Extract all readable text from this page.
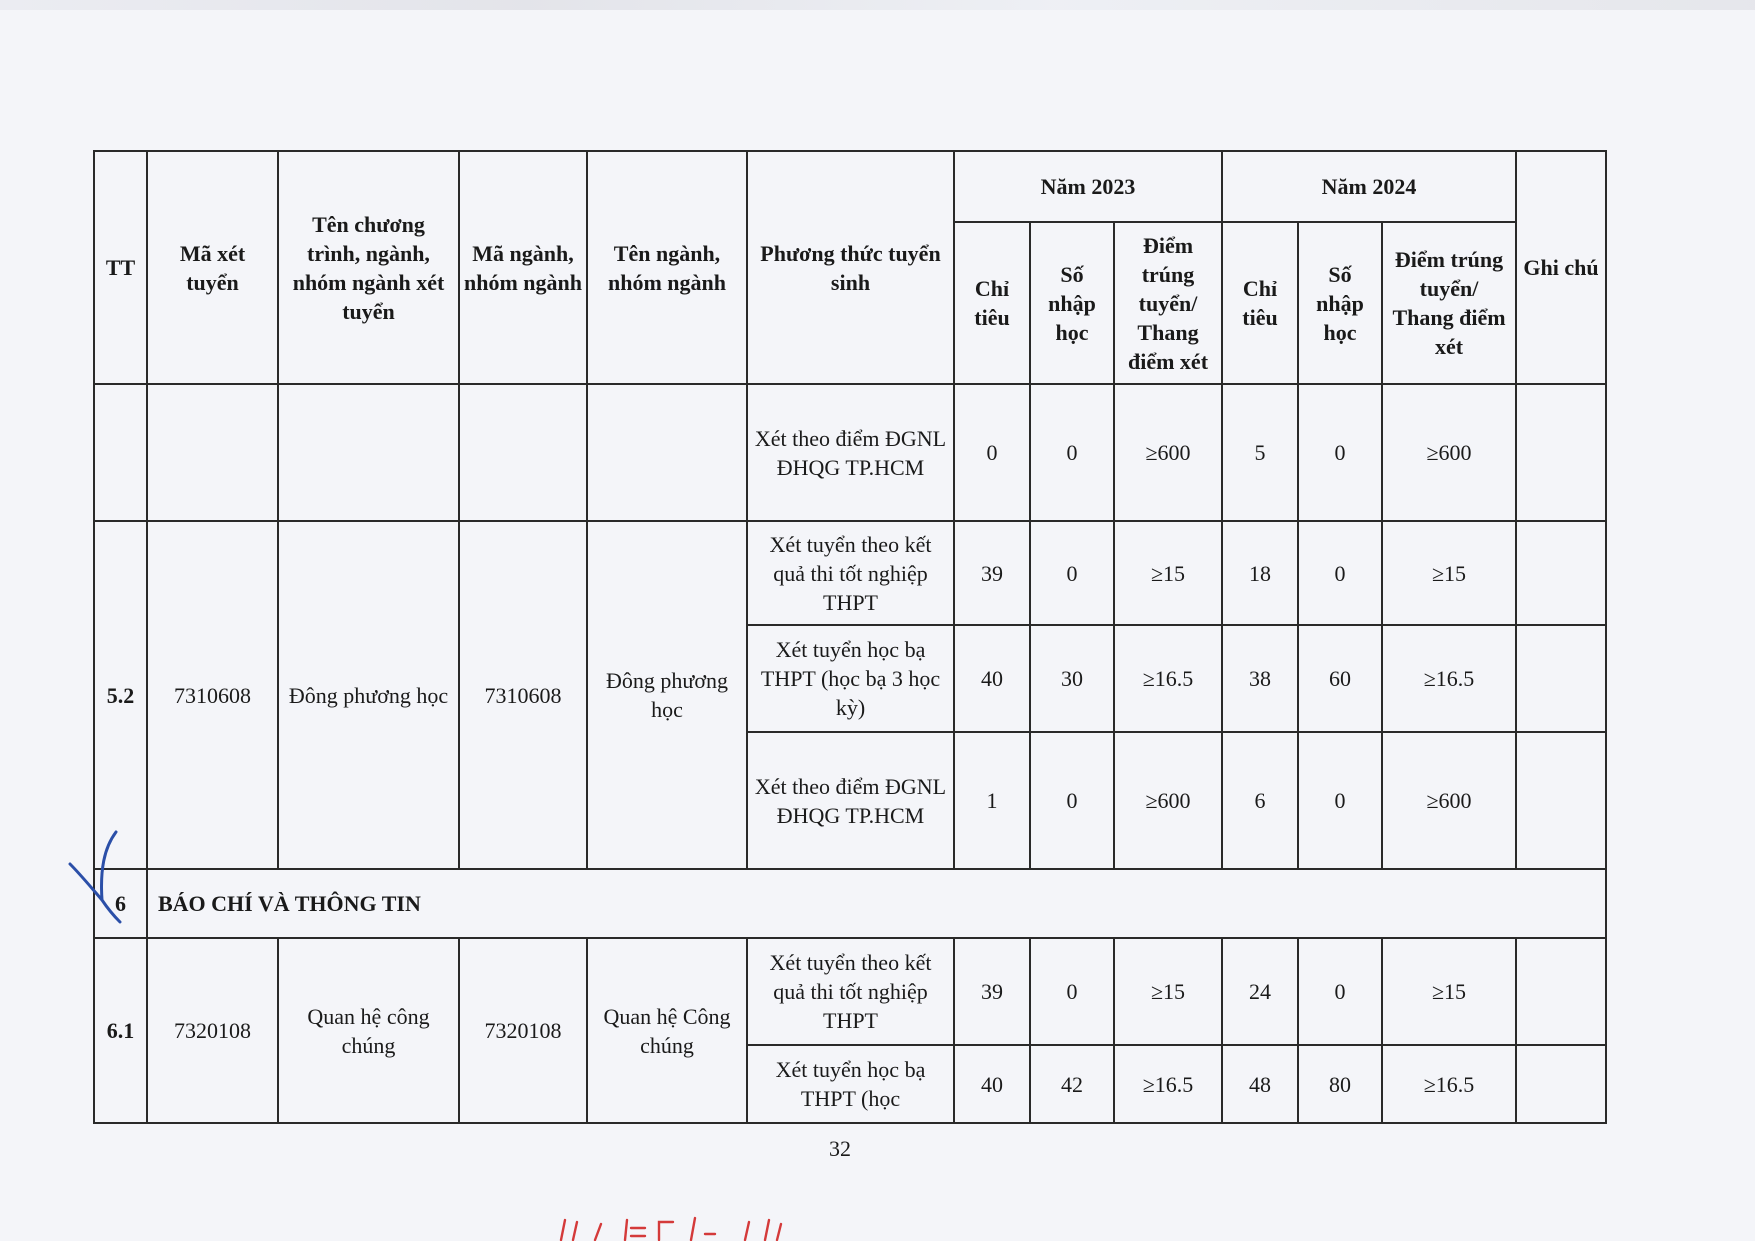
TT	Mã xét tuyển	Tên chương trình, ngành, nhóm ngành xét tuyển	Mã ngành, nhóm ngành	Tên ngành, nhóm ngành	Phương thức tuyển sinh	Năm 2023			Năm 2024			Ghi chú
						Chỉ tiêu	Số nhập học	Điểm trúng tuyển/ Thang điểm xét	Chỉ tiêu	Số nhập học	Điểm trúng tuyển/ Thang điểm xét	
					Xét theo điểm ĐGNL ĐHQG TP.HCM	0	0	≥600	5	0	≥600	
5.2	7310608	Đông phương học	7310608	Đông phương học	Xét tuyển theo kết quả thi tốt nghiệp THPT	39	0	≥15	18	0	≥15	
					Xét tuyển học bạ THPT (học bạ 3 học kỳ)	40	30	≥16.5	38	60	≥16.5	
					Xét theo điểm ĐGNL ĐHQG TP.HCM	1	0	≥600	6	0	≥600	
6	BÁO CHÍ VÀ THÔNG TIN											
6.1	7320108	Quan hệ công chúng	7320108	Quan hệ Công chúng	Xét tuyển theo kết quả thi tốt nghiệp THPT	39	0	≥15	24	0	≥15	
					Xét tuyển học bạ THPT (học	40	42	≥16.5	48	80	≥16.5	
32
